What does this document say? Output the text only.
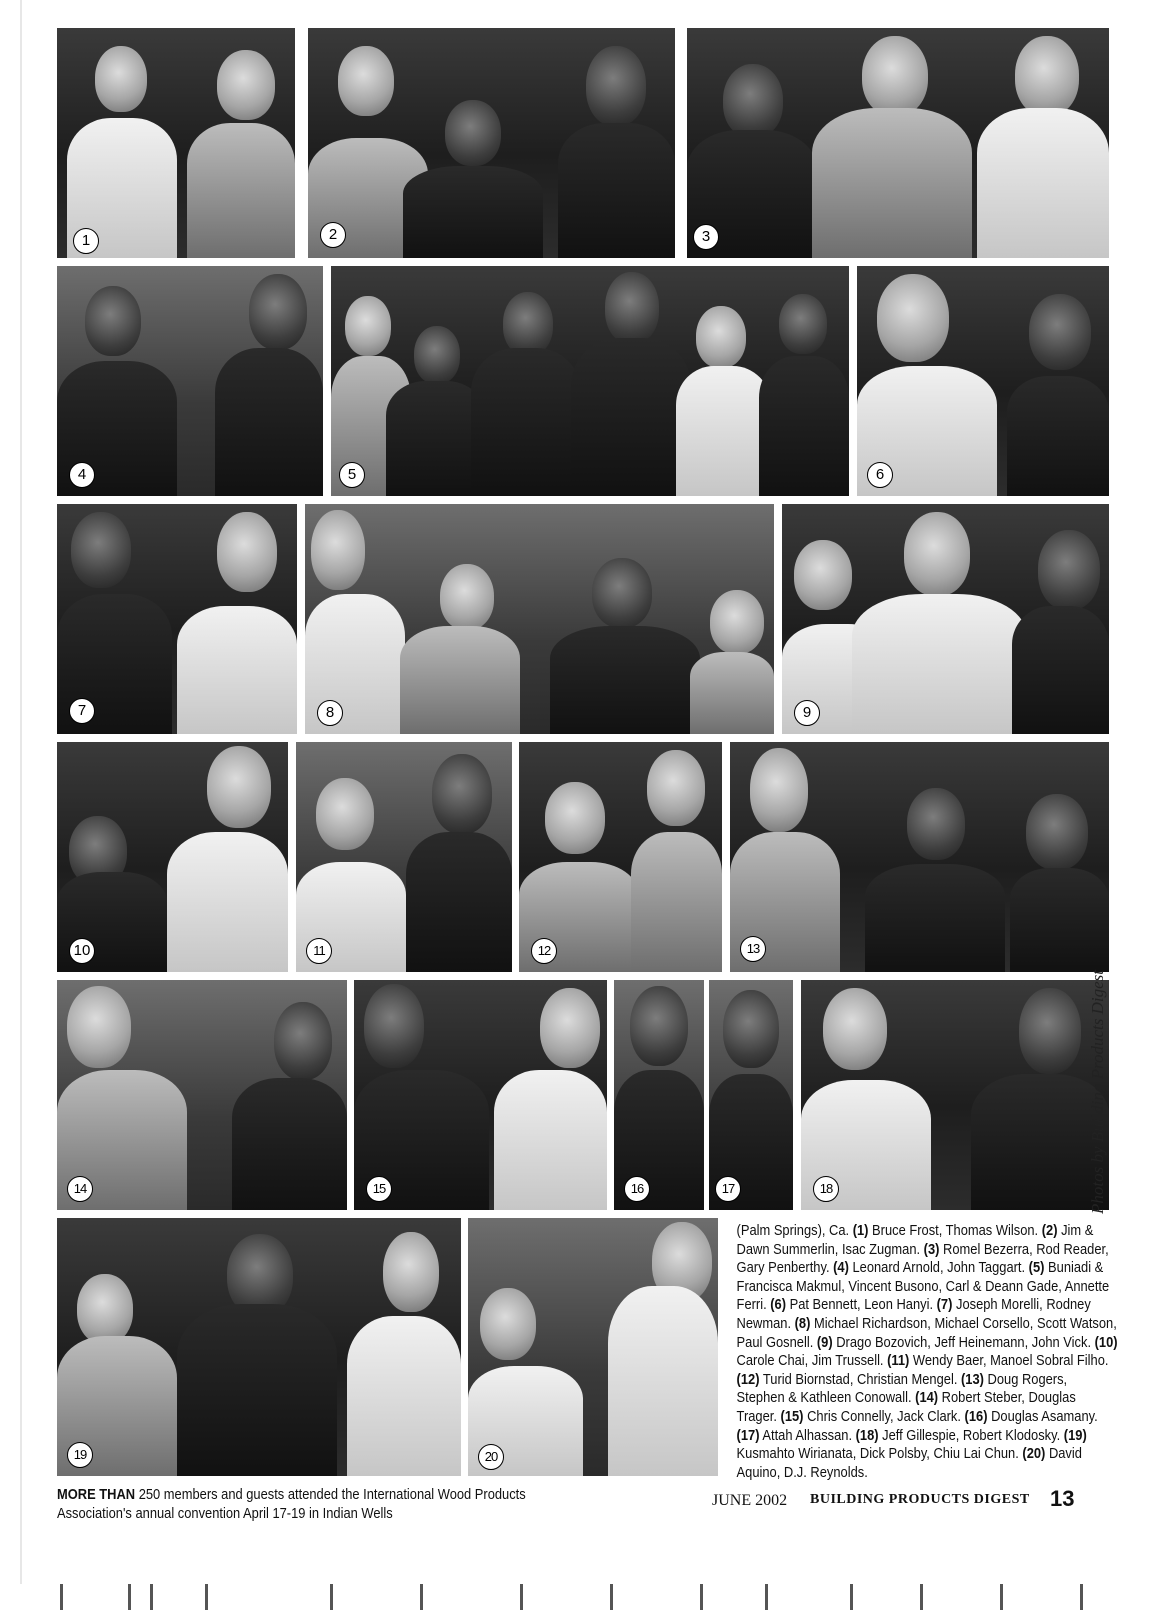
1	2	3
4	5	6
7	8	9
10	11	12	13
14	15	16	17	18
19	20
MORE THAN 250 members and guests attended the International Wood Products Association's annual convention April 17-19 in Indian Wells
(Palm Springs), Ca. (1) Bruce Frost, Thomas Wilson. (2) Jim & Dawn Summerlin, Isac Zugman. (3) Romel Bezerra, Rod Reader, Gary Penberthy. (4) Leonard Arnold, John Taggart. (5) Buniadi & Francisca Makmul, Vincent Busono, Carl & Deann Gade, Annette Ferri. (6) Pat Bennett, Leon Hanyi. (7) Joseph Morelli, Rodney Newman. (8) Michael Richardson, Michael Corsello, Scott Watson, Paul Gosnell. (9) Drago Bozovich, Jeff Heinemann, John Vick. (10) Carole Chai, Jim Trussell. (11) Wendy Baer, Manoel Sobral Filho. (12) Turid Biornstad, Christian Mengel. (13) Doug Rogers, Stephen & Kathleen Conowall. (14) Robert Steber, Douglas Trager. (15) Chris Connelly, Jack Clark. (16) Douglas Asamany. (17) Attah Alhassan. (18) Jeff Gillespie, Robert Klodosky. (19) Kusmahto Wirianata, Dick Polsby, Chiu Lai Chun. (20) David Aquino, D.J. Reynolds.
Photos by Building Products Digest
JUNE 2002 BUILDING PRODUCTS DIGEST 13
